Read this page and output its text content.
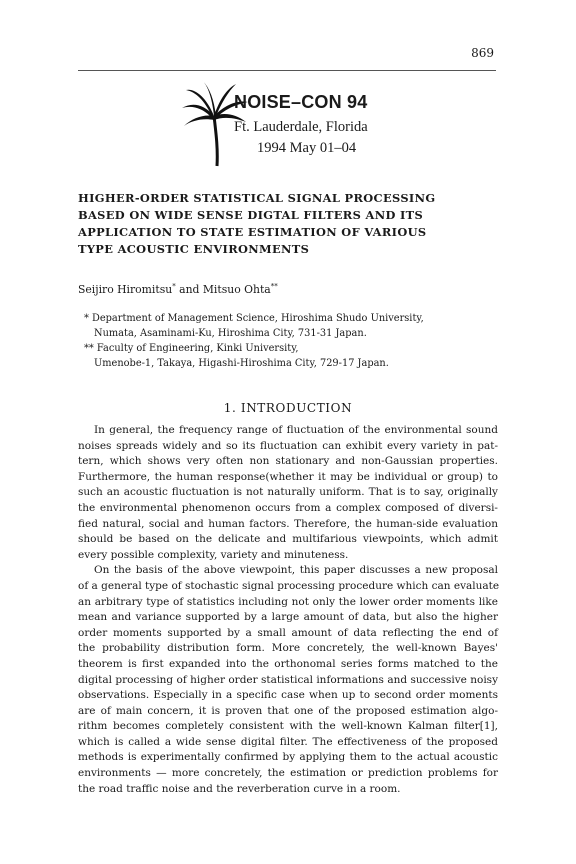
869
NOISE–CON 94
Ft. Lauderdale, Florida
1994 May 01–04
HIGHER-ORDER STATISTICAL SIGNAL PROCESSING
BASED ON WIDE SENSE DIGTAL FILTERS AND ITS
APPLICATION TO STATE ESTIMATION OF VARIOUS
TYPE ACOUSTIC ENVIRONMENTS
Seijiro Hiromitsu* and Mitsuo Ohta**
* Department of Management Science, Hiroshima Shudo University,
Numata, Asaminami-Ku, Hiroshima City, 731-31 Japan.
** Faculty of Engineering, Kinki University,
Umenobe-1, Takaya, Higashi-Hiroshima City, 729-17 Japan.
1. INTRODUCTION
In general, the frequency range of fluctuation of the environmental sound
noises spreads widely and so its fluctuation can exhibit every variety in pat-
tern, which shows very often non stationary and non-Gaussian properties.
Furthermore, the human response(whether it may be individual or group) to
such an acoustic fluctuation is not naturally uniform. That is to say, originally
the environmental phenomenon occurs from a complex composed of diversi-
fied natural, social and human factors. Therefore, the human-side evaluation
should be based on the delicate and multifarious viewpoints, which admit
every possible complexity, variety and minuteness.
On the basis of the above viewpoint, this paper discusses a new proposal
of a general type of stochastic signal processing procedure which can evaluate
an arbitrary type of statistics including not only the lower order moments like
mean and variance supported by a large amount of data, but also the higher
order moments supported by a small amount of data reflecting the end of
the probability distribution form. More concretely, the well-known Bayes'
theorem is first expanded into the orthonomal series forms matched to the
digital processing of higher order statistical informations and successive noisy
observations. Especially in a specific case when up to second order moments
are of main concern, it is proven that one of the proposed estimation algo-
rithm becomes completely consistent with the well-known Kalman filter[1],
which is called a wide sense digital filter. The effectiveness of the proposed
methods is experimentally confirmed by applying them to the actual acoustic
environments — more concretely, the estimation or prediction problems for
the road traffic noise and the reverberation curve in a room.
